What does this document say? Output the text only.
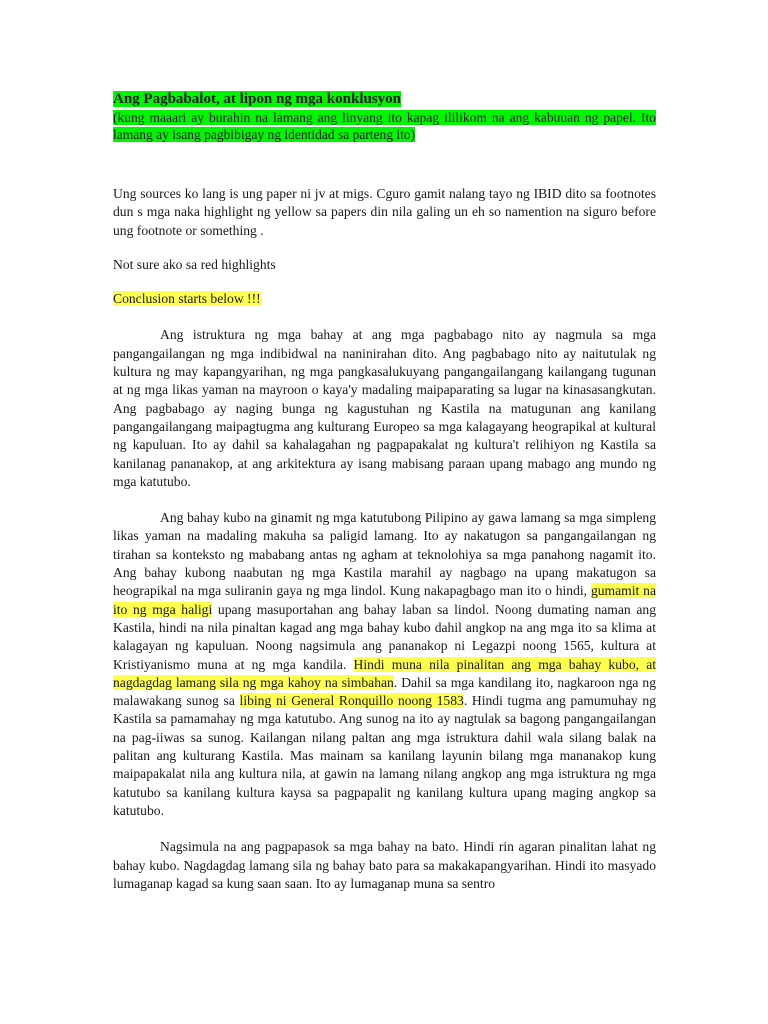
Ang Pagbabalot, at lipon ng mga konklusyon

(kung maaari ay burahin na lamang ang linyang ito kapag ililikom na ang kabuuan ng papel. Ito lamang ay isang pagbibigay ng identidad sa parteng ito)

Ung sources ko lang is ung paper ni jv at migs. Cguro gamit nalang tayo ng IBID dito sa footnotes dun s mga naka highlight ng yellow sa papers din nila galing un eh so namention na siguro before ung footnote or something .

Not sure ako sa red highlights

Conclusion starts below !!!

Ang istruktura ng mga bahay at ang mga pagbabago nito ay nagmula sa mga pangangailangan ng mga indibidwal na naninirahan dito. Ang pagbabago nito ay naitutulak ng kultura ng may kapangyarihan, ng mga pangkasalukuyang pangangailangang kailangang tugunan at ng mga likas yaman na mayroon o kaya'y madaling maipaparating sa lugar na kinasasangkutan. Ang pagbabago ay naging bunga ng kagustuhan ng Kastila na matugunan ang kanilang pangangailangang maipagtugma ang kulturang Europeo sa mga kalagayang heograpikal at kultural ng kapuluan. Ito ay dahil sa kahalagahan ng pagpapakalat ng kultura't relihiyon ng Kastila sa kanilanag pananakop, at ang arkitektura ay isang mabisang paraan upang mabago ang mundo ng mga katutubo.

Ang bahay kubo na ginamit ng mga katutubong Pilipino ay gawa lamang sa mga simpleng likas yaman na madaling makuha sa paligid lamang. Ito ay nakatugon sa pangangailangan ng tirahan sa konteksto ng mababang antas ng agham at teknolohiya sa mga panahong nagamit ito. Ang bahay kubong naabutan ng mga Kastila marahil ay nagbago na upang makatugon sa heograpikal na mga suliranin gaya ng mga lindol. Kung nakapagbago man ito o hindi, gumamit na ito ng mga haligi upang masuportahan ang bahay laban sa lindol. Noong dumating naman ang Kastila, hindi na nila pinaltan kagad ang mga bahay kubo dahil angkop na ang mga ito sa klima at kalagayan ng kapuluan. Noong nagsimula ang pananakop ni Legazpi noong 1565, kultura at Kristiyanismo muna at ng mga kandila. Hindi muna nila pinalitan ang mga bahay kubo, at nagdagdag lamang sila ng mga kahoy na simbahan. Dahil sa mga kandilang ito, nagkaroon nga ng malawakang sunog sa libing ni General Ronquillo noong 1583. Hindi tugma ang pamumuhay ng Kastila sa pamamahay ng mga katutubo. Ang sunog na ito ay nagtulak sa bagong pangangailangan na pag-iiwas sa sunog. Kailangan nilang paltan ang mga istruktura dahil wala silang balak na palitan ang kulturang Kastila. Mas mainam sa kanilang layunin bilang mga mananakop kung maipapakalat nila ang kultura nila, at gawin na lamang nilang angkop ang mga istruktura ng mga katutubo sa kanilang kultura kaysa sa pagpapalit ng kanilang kultura upang maging angkop sa katutubo.

Nagsimula na ang pagpapasok sa mga bahay na bato. Hindi rin agaran pinalitan lahat ng bahay kubo. Nagdagdag lamang sila ng bahay bato para sa makakapangyarihan. Hindi ito masyado lumaganap kagad sa kung saan saan. Ito ay lumaganap muna sa sentro
